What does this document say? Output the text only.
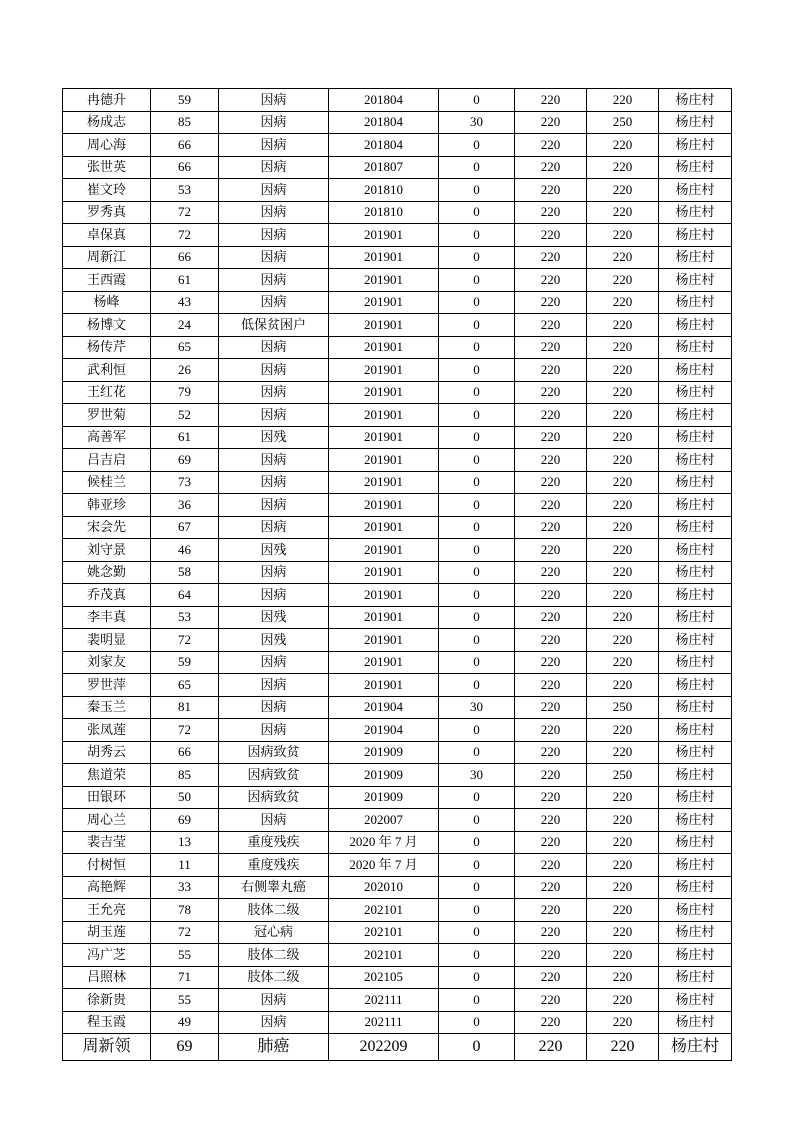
冉德升	59	因病	201804	0	220	220	杨庄村
杨成志	85	因病	201804	30	220	250	杨庄村
周心海	66	因病	201804	0	220	220	杨庄村
张世英	66	因病	201807	0	220	220	杨庄村
崔文玲	53	因病	201810	0	220	220	杨庄村
罗秀真	72	因病	201810	0	220	220	杨庄村
卓保真	72	因病	201901	0	220	220	杨庄村
周新江	66	因病	201901	0	220	220	杨庄村
王西霞	61	因病	201901	0	220	220	杨庄村
杨峰	43	因病	201901	0	220	220	杨庄村
杨博文	24	低保贫困户	201901	0	220	220	杨庄村
杨传芹	65	因病	201901	0	220	220	杨庄村
武利恒	26	因病	201901	0	220	220	杨庄村
王红花	79	因病	201901	0	220	220	杨庄村
罗世菊	52	因病	201901	0	220	220	杨庄村
高善军	61	因残	201901	0	220	220	杨庄村
吕吉启	69	因病	201901	0	220	220	杨庄村
候桂兰	73	因病	201901	0	220	220	杨庄村
韩亚珍	36	因病	201901	0	220	220	杨庄村
宋会先	67	因病	201901	0	220	220	杨庄村
刘守景	46	因残	201901	0	220	220	杨庄村
姚念勤	58	因病	201901	0	220	220	杨庄村
乔茂真	64	因病	201901	0	220	220	杨庄村
李丰真	53	因残	201901	0	220	220	杨庄村
裴明显	72	因残	201901	0	220	220	杨庄村
刘家友	59	因病	201901	0	220	220	杨庄村
罗世萍	65	因病	201901	0	220	220	杨庄村
秦玉兰	81	因病	201904	30	220	250	杨庄村
张凤莲	72	因病	201904	0	220	220	杨庄村
胡秀云	66	因病致贫	201909	0	220	220	杨庄村
焦道荣	85	因病致贫	201909	30	220	250	杨庄村
田银环	50	因病致贫	201909	0	220	220	杨庄村
周心兰	69	因病	202007	0	220	220	杨庄村
裴吉莹	13	重度残疾	2020 年 7 月	0	220	220	杨庄村
付树恒	11	重度残疾	2020 年 7 月	0	220	220	杨庄村
高艳辉	33	右侧睾丸癌	202010	0	220	220	杨庄村
王允亮	78	肢体二级	202101	0	220	220	杨庄村
胡玉莲	72	冠心病	202101	0	220	220	杨庄村
冯广芝	55	肢体二级	202101	0	220	220	杨庄村
吕照林	71	肢体二级	202105	0	220	220	杨庄村
徐新贵	55	因病	202111	0	220	220	杨庄村
程玉霞	49	因病	202111	0	220	220	杨庄村
周新领	69	肺癌	202209	0	220	220	杨庄村
